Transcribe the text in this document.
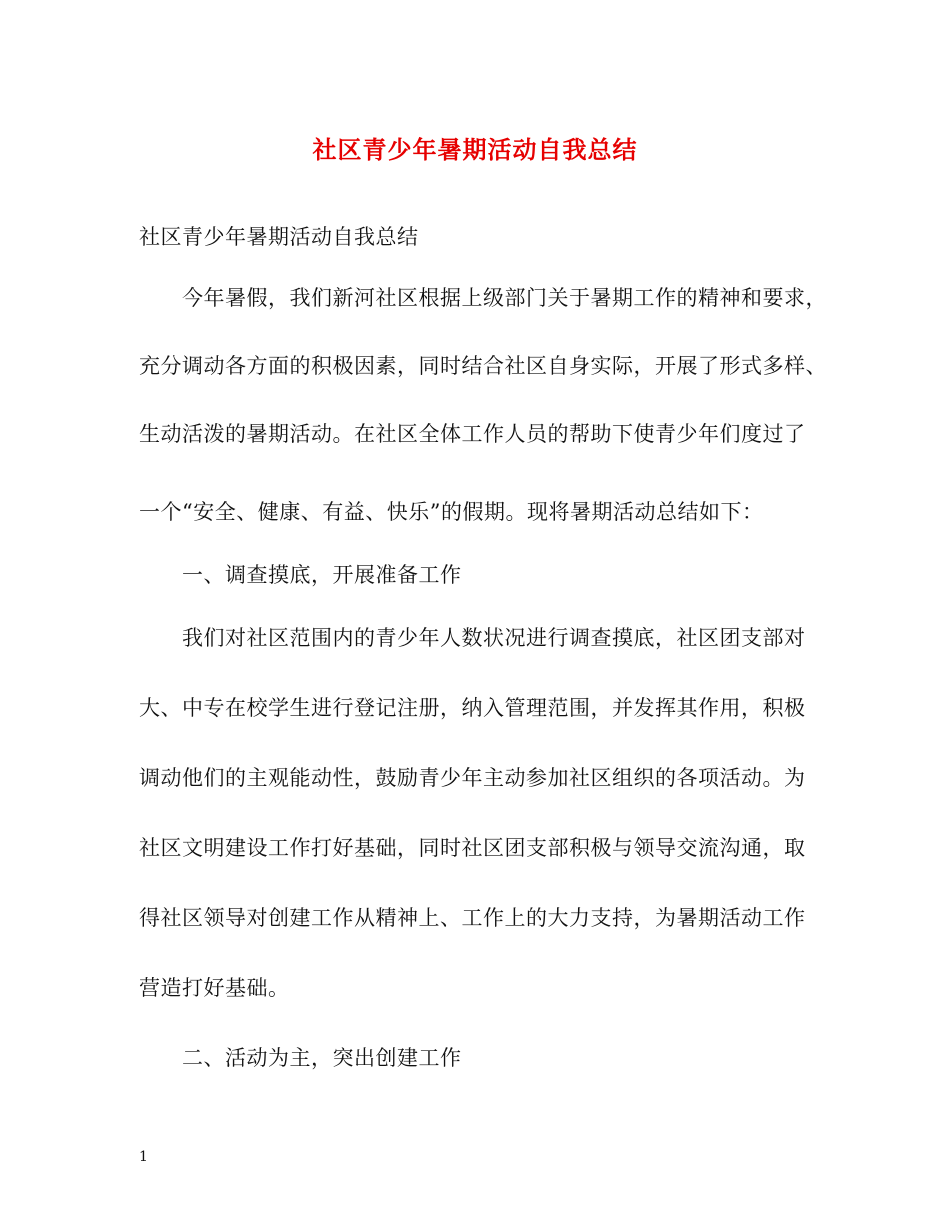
社区青少年暑期活动自我总结
社区青少年暑期活动自我总结
今年暑假，我们新河社区根据上级部门关于暑期工作的精神和要求，
充分调动各方面的积极因素，同时结合社区自身实际，开展了形式多样、
生动活泼的暑期活动。在社区全体工作人员的帮助下使青少年们度过了
一个“安全、健康、有益、快乐”的假期。现将暑期活动总结如下：
一、调查摸底，开展准备工作
我们对社区范围内的青少年人数状况进行调查摸底，社区团支部对
大、中专在校学生进行登记注册，纳入管理范围，并发挥其作用，积极
调动他们的主观能动性，鼓励青少年主动参加社区组织的各项活动。为
社区文明建设工作打好基础，同时社区团支部积极与领导交流沟通，取
得社区领导对创建工作从精神上、工作上的大力支持，为暑期活动工作
营造打好基础。
二、活动为主，突出创建工作
1
